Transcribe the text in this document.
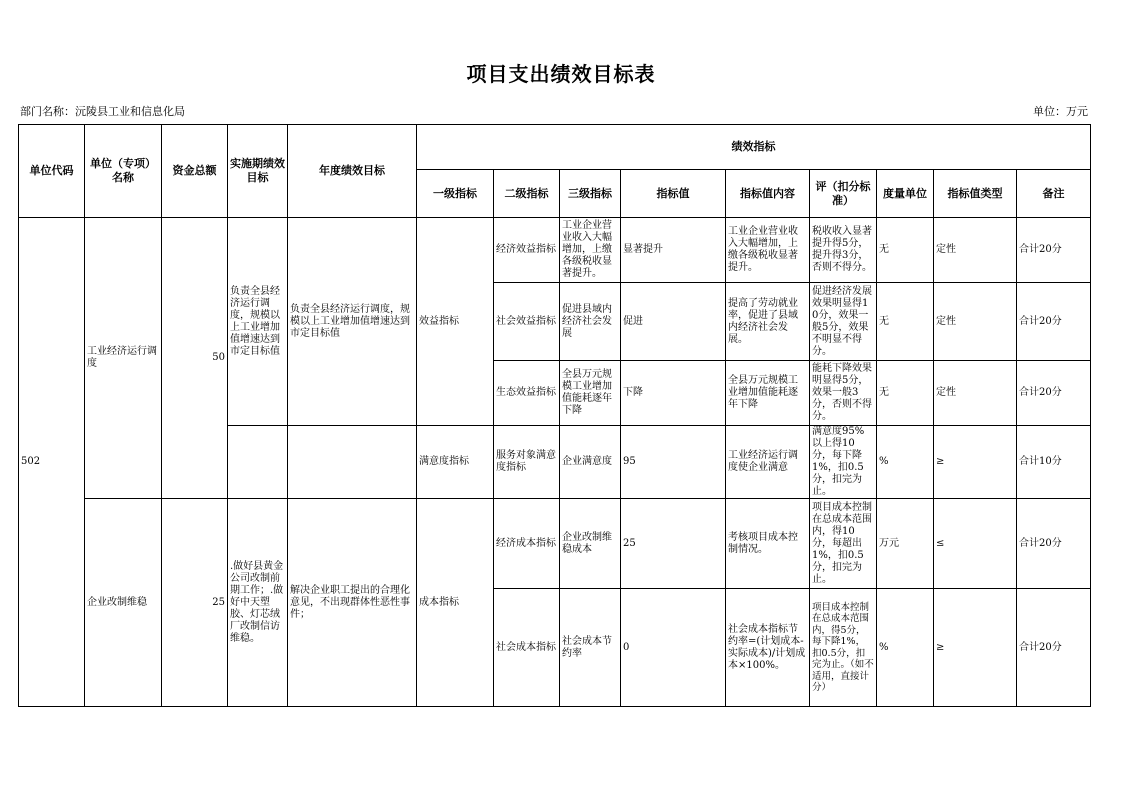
项目支出绩效目标表
部门名称：沅陵县工业和信息化局	单位：万元
单位代码	单位（专项）名称	资金总额	实施期绩效目标	年度绩效目标	绩效指标								
					一级指标	二级指标	三级指标	指标值	指标值内容	评（扣分标准）	度量单位	指标值类型	备注
502	工业经济运行调度	50	负责全县经济运行调度，规模以上工业增加值增速达到市定目标值	负责全县经济运行调度，规模以上工业增加值增速达到市定目标值	效益指标	经济效益指标	工业企业营业收入大幅增加，上缴各级税收显著提升。	显著提升	工业企业营业收入大幅增加，上缴各级税收显著提升。	税收收入显著提升得5分，提升得3分，否则不得分。	无	定性	合计20分
						社会效益指标	促进县域内经济社会发展	促进	提高了劳动就业率，促进了县域内经济社会发展。	促进经济发展效果明显得10分，效果一般5分，效果不明显不得分。	无	定性	合计20分
						生态效益指标	全县万元规模工业增加值能耗逐年下降	下降	全县万元规模工业增加值能耗逐年下降	能耗下降效果明显得5分，效果一般3分，否则不得分。	无	定性	合计20分
					满意度指标	服务对象满意度指标	企业满意度	95	工业经济运行调度使企业满意	满意度95%以上得10分，每下降1%，扣0.5分，扣完为止。	%	≥	合计10分
	企业改制维稳	25	.做好县黄金公司改制前期工作；.做好中天塑胶、灯芯绒厂改制信访维稳。	解决企业职工提出的合理化意见，不出现群体性恶性事件；	成本指标	经济成本指标	企业改制维稳成本	25	考核项目成本控制情况。	项目成本控制在总成本范围内，得10分，每超出1%，扣0.5分，扣完为止。	万元	≤	合计20分
						社会成本指标	社会成本节约率	0	社会成本指标节约率=(计划成本-实际成本)/计划成本×100%。	项目成本控制在总成本范围内，得5分，每下降1%，扣0.5分，扣完为止。（如不适用，直接计分）	%	≥	合计20分
